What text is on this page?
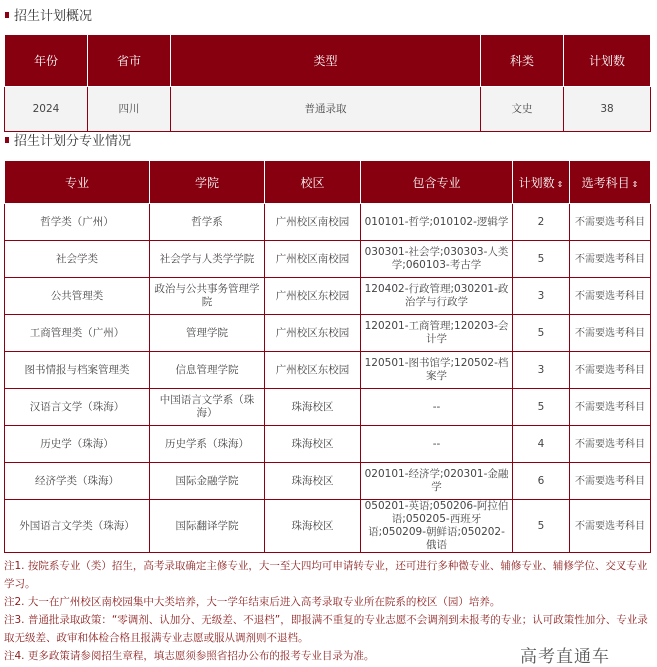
招生计划概况
年份	省市	类型	科类	计划数
2024	四川	普通录取	文史	38
招生计划分专业情况
专业	学院	校区	包含专业	计划数 ⇕	选考科目 ⇕
哲学类（广州）	哲学系	广州校区南校园	010101-哲学;010102-逻辑学	2	不需要选考科目
社会学类	社会学与人类学学院	广州校区南校园	030301-社会学;030303-人类学;060103-考古学	5	不需要选考科目
公共管理类	政治与公共事务管理学院	广州校区东校园	120402-行政管理;030201-政治学与行政学	3	不需要选考科目
工商管理类（广州）	管理学院	广州校区东校园	120201-工商管理;120203-会计学	5	不需要选考科目
图书情报与档案管理类	信息管理学院	广州校区东校园	120501-图书馆学;120502-档案学	3	不需要选考科目
汉语言文学（珠海）	中国语言文学系（珠海）	珠海校区	--	5	不需要选考科目
历史学（珠海）	历史学系（珠海）	珠海校区	--	4	不需要选考科目
经济学类（珠海）	国际金融学院	珠海校区	020101-经济学;020301-金融学	6	不需要选考科目
外国语言文学类（珠海）	国际翻译学院	珠海校区	050201-英语;050206-阿拉伯语;050205-西班牙语;050209-朝鲜语;050202-俄语	5	不需要选考科目
注1. 按院系专业（类）招生，高考录取确定主修专业，大一至大四均可申请转专业，还可进行多种微专业、辅修专业、辅修学位、交叉专业学习。
注2. 大一在广州校区南校园集中大类培养，大一学年结束后进入高考录取专业所在院系的校区（园）培养。
注3. 普通批录取政策：“零调剂、认加分、无级差、不退档”，即报满不重复的专业志愿不会调剂到未报考的专业；认可政策性加分、专业录取无级差、政审和体检合格且报满专业志愿或服从调剂则不退档。
注4. 更多政策请参阅招生章程，填志愿须参照省招办公布的报考专业目录为准。	高考直通车
